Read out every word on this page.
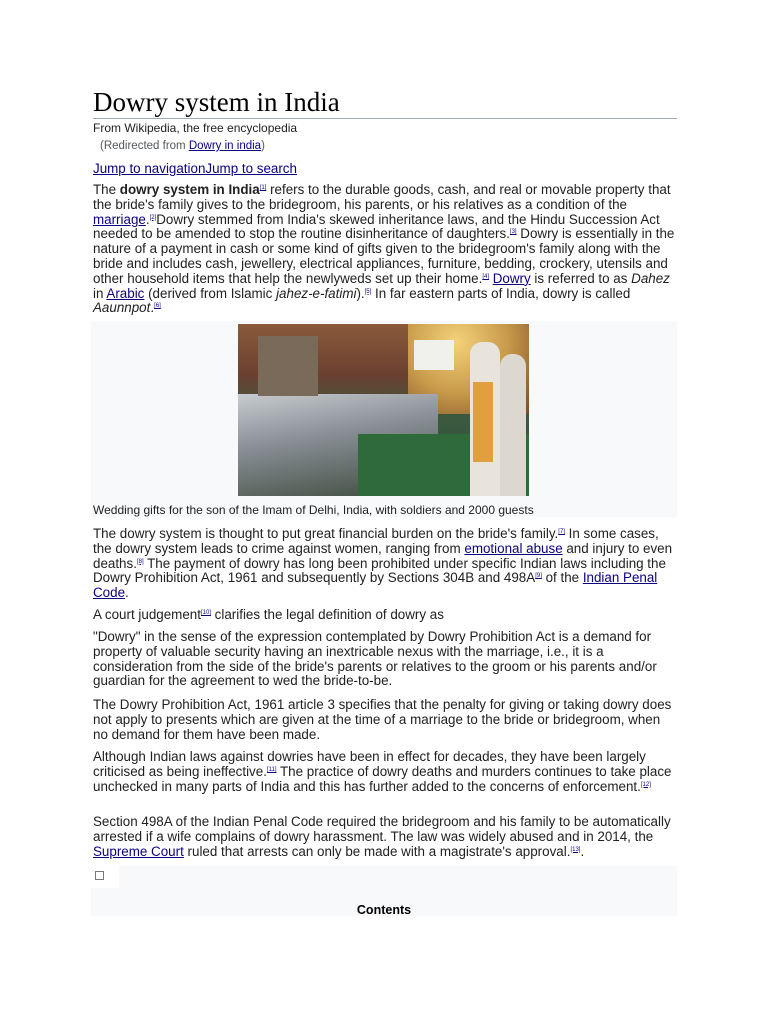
Dowry system in India
From Wikipedia, the free encyclopedia
(Redirected from Dowry in india)
Jump to navigationJump to search

The dowry system in India[1] refers to the durable goods, cash, and real or movable property that the bride's family gives to the bridegroom, his parents, or his relatives as a condition of the marriage.[2]Dowry stemmed from India's skewed inheritance laws, and the Hindu Succession Act needed to be amended to stop the routine disinheritance of daughters.[3] Dowry is essentially in the nature of a payment in cash or some kind of gifts given to the bridegroom's family along with the bride and includes cash, jewellery, electrical appliances, furniture, bedding, crockery, utensils and other household items that help the newlyweds set up their home.[4] Dowry is referred to as Dahez in Arabic (derived from Islamic jahez-e-fatimi).[5] In far eastern parts of India, dowry is called Aaunnpot.[6]

Wedding gifts for the son of the Imam of Delhi, India, with soldiers and 2000 guests

The dowry system is thought to put great financial burden on the bride's family.[7] In some cases, the dowry system leads to crime against women, ranging from emotional abuse and injury to even deaths.[8] The payment of dowry has long been prohibited under specific Indian laws including the Dowry Prohibition Act, 1961 and subsequently by Sections 304B and 498A[9] of the Indian Penal Code.

A court judgement[10] clarifies the legal definition of dowry as

"Dowry" in the sense of the expression contemplated by Dowry Prohibition Act is a demand for property of valuable security having an inextricable nexus with the marriage, i.e., it is a consideration from the side of the bride's parents or relatives to the groom or his parents and/or guardian for the agreement to wed the bride-to-be.

The Dowry Prohibition Act, 1961 article 3 specifies that the penalty for giving or taking dowry does not apply to presents which are given at the time of a marriage to the bride or bridegroom, when no demand for them have been made.

Although Indian laws against dowries have been in effect for decades, they have been largely criticised as being ineffective.[11] The practice of dowry deaths and murders continues to take place unchecked in many parts of India and this has further added to the concerns of enforcement.[12]

Section 498A of the Indian Penal Code required the bridegroom and his family to be automatically arrested if a wife complains of dowry harassment. The law was widely abused and in 2014, the Supreme Court ruled that arrests can only be made with a magistrate's approval.[13].

Contents
